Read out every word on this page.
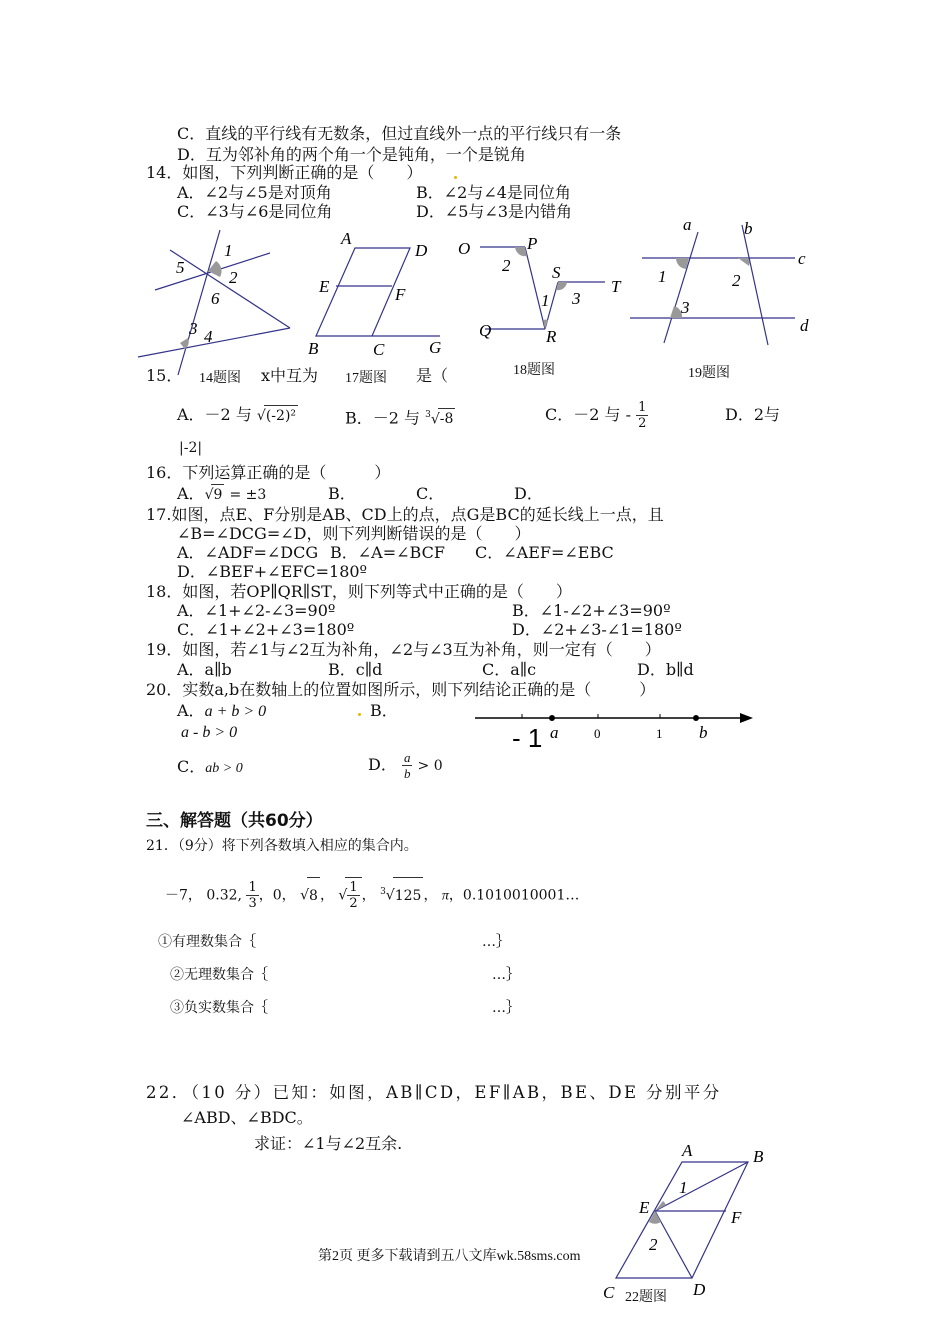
C．直线的平行线有无数条，但过直线外一点的平行线只有一条
D．互为邻补角的两个角一个是钝角，一个是锐角
14．如图，下列判断正确的是（　　）
A．∠2与∠5是对顶角	B．∠2与∠4是同位角
C．∠3与∠6是同位角	D．∠5与∠3是内错角
1
2
3 4
5
6
A
D
E	F
B	C	G
O	P
2 S
T
1 3
Q	R
a	b
c
1	2
3
d
15．	x中互为	是（
14题图	17题图
18题图	19题图
A．－2 与 √(-2)²	B．－2 与 $^3$√-8	C．－2 与 - $\frac{1}{2}$	D．2与
|-2|
16．下列运算正确的是（　　　）
A．√9 = ±3	B．	C．	D．
17.如图，点E、F分别是AB、CD上的点，点G是BC的延长线上一点，且
∠B=∠DCG=∠D，则下列判断错误的是（　　）
A．∠ADF=∠DCG B．∠A=∠BCF C．∠AEF=∠EBC
D．∠BEF+∠EFC=180º
18．如图，若OP∥QR∥ST，则下列等式中正确的是（　　）
A．∠1+∠2-∠3=90º	B．∠1-∠2+∠3=90º
C．∠1+∠2+∠3=180º	D．∠2+∠3-∠1=180º
19．如图，若∠1与∠2互为补角，∠2与∠3互为补角，则一定有（　　）
A．a∥b	B．c∥d	C．a∥c	D．b∥d
20．实数a,b在数轴上的位置如图所示，则下列结论正确的是（　　　）
A．a + b > 0	B．
a - b > 0
C．ab > 0	D． $\frac{a}{b} > 0$
- 1 a	0	1 b
三、解答题（共60分）
21．（9分）将下列各数填入相应的集合内。
－7， 0.32, $\frac{1}{3}$ ，0， √8 ， √ $\frac{1}{2}$ ， $^3$√125 ， π，0.1010010001…
①有理数集合｛	…｝
②无理数集合｛	…｝
③负实数集合｛	…｝
22．（10 分）已知：如图，AB∥CD，EF∥AB，BE、DE 分别平分
∠ABD、∠BDC。
求证：∠1与∠2互余.	A	B
1
E
F
2
C	D
22题图
第2页 更多下载请到五八文库wk.58sms.com
